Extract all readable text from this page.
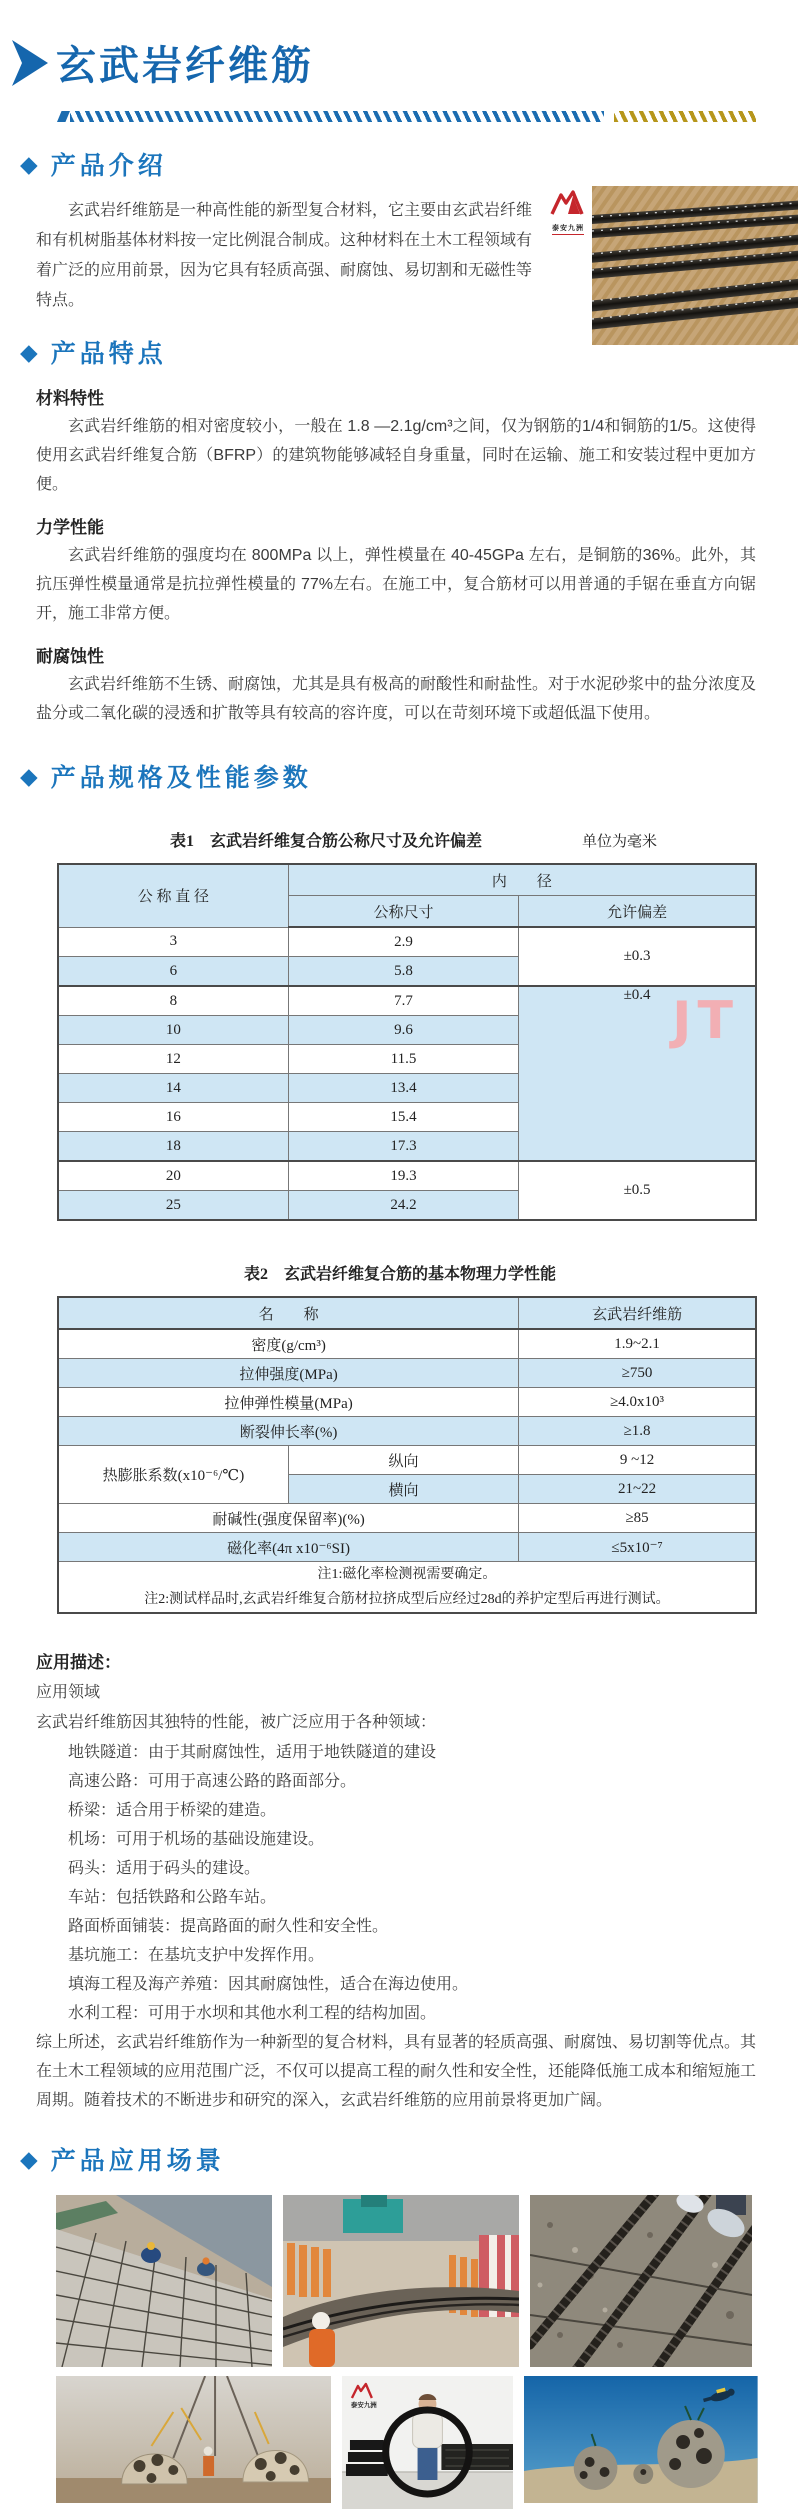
玄武岩纤维筋
◆ 产品介绍

玄武岩纤维筋是一种高性能的新型复合材料，它主要由玄武岩纤维和有机树脂基体材料按一定比例混合制成。这种材料在土木工程领域有着广泛的应用前景，因为它具有轻质高强、耐腐蚀、易切割和无磁性等特点。

泰安九洲
◆ 产品特点
材料特性

玄武岩纤维筋的相对密度较小，一般在 1.8 —2.1g/cm³之间，仅为钢筋的1/4和铜筋的1/5。这使得使用玄武岩纤维复合筋（BFRP）的建筑物能够减轻自身重量，同时在运输、施工和安装过程中更加方便。

力学性能

玄武岩纤维筋的强度均在 800MPa 以上，弹性模量在 40-45GPa 左右，是铜筋的36%。此外，其抗压弹性模量通常是抗拉弹性模量的 77%左右。在施工中，复合筋材可以用普通的手锯在垂直方向锯开，施工非常方便。

耐腐蚀性

玄武岩纤维筋不生锈、耐腐蚀，尤其是具有极高的耐酸性和耐盐性。对于水泥砂浆中的盐分浓度及盐分或二氧化碳的浸透和扩散等具有较高的容许度，可以在苛刻环境下或超低温下使用。

◆ 产品规格及性能参数
表1　玄武岩纤维复合筋公称尺寸及允许偏差	单位为毫米
公 称 直 径	内　　径	
	公称尺寸	允许偏差
3	2.9	±0.3
6	5.8	
8	7.7	±0.4 JT

10	9.6	
12	11.5	
14	13.4	
16	15.4	
18	17.3	
20	19.3	±0.5
25	24.2	
表2　玄武岩纤维复合筋的基本物理力学性能
名　　称		玄武岩纤维筋
密度(g/cm³)		1.9~2.1
拉伸强度(MPa)		≥750
拉伸弹性模量(MPa)		≥4.0x10³
断裂伸长率(%)		≥1.8
热膨胀系数(x10⁻⁶/℃)	纵向	9 ~12
	横向	21~22
耐碱性(强度保留率)(%)		≥85
磁化率(4π x10⁻⁶SI)		≤5x10⁻⁷

注1:磁化率检测视需要确定。
注2:测试样品时,玄武岩纤维复合筋材拉挤成型后应经过28d的养护定型后再进行测试。		
应用描述：
应用领域
玄武岩纤维筋因其独特的性能，被广泛应用于各种领域：
地铁隧道：由于其耐腐蚀性，适用于地铁隧道的建设
高速公路：可用于高速公路的路面部分。
桥梁：适合用于桥梁的建造。
机场：可用于机场的基础设施建设。
码头：适用于码头的建设。
车站：包括铁路和公路车站。
路面桥面铺装：提高路面的耐久性和安全性。
基坑施工：在基坑支护中发挥作用。
填海工程及海产养殖：因其耐腐蚀性，适合在海边使用。
水利工程：可用于水坝和其他水利工程的结构加固。

综上所述，玄武岩纤维筋作为一种新型的复合材料，具有显著的轻质高强、耐腐蚀、易切割等优点。其在土木工程领域的应用范围广泛，不仅可以提高工程的耐久性和安全性，还能降低施工成本和缩短施工周期。随着技术的不断进步和研究的深入，玄武岩纤维筋的应用前景将更加广阔。

◆ 产品应用场景
泰安九洲
